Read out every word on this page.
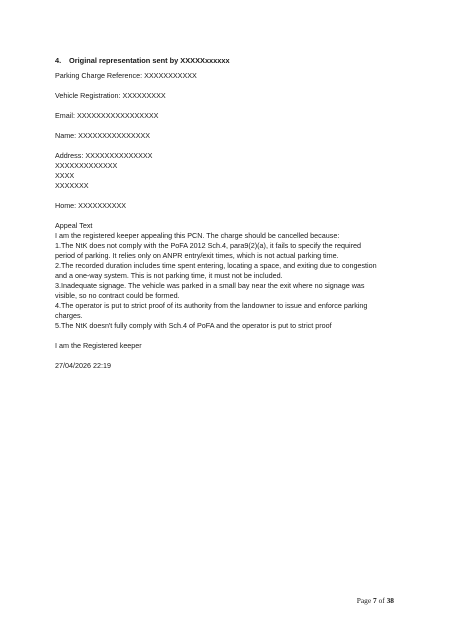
4. Original representation sent by XXXXXxxxxxx

Parking Charge Reference: XXXXXXXXXXX

Vehicle Registration: XXXXXXXXX

Email: XXXXXXXXXXXXXXXXX

Name: XXXXXXXXXXXXXXX

Address: XXXXXXXXXXXXXX

XXXXXXXXXXXXX

XXXX

XXXXXXX

Home: XXXXXXXXXX

Appeal Text

I am the registered keeper appealing this PCN. The charge should be cancelled because:

1.The NtK does not comply with the PoFA 2012 Sch.4, para9(2)(a), it fails to specify the required

period of parking. It relies only on ANPR entry/exit times, which is not actual parking time.

2.The recorded duration includes time spent entering, locating a space, and exiting due to congestion

and a one-way system. This is not parking time, it must not be included.

3.Inadequate signage. The vehicle was parked in a small bay near the exit where no signage was

visible, so no contract could be formed.

4.The operator is put to strict proof of its authority from the landowner to issue and enforce parking

charges.

5.The NtK doesn't fully comply with Sch.4 of PoFA and the operator is put to strict proof

I am the Registered keeper

27/04/2026 22:19

Page 7 of 38
